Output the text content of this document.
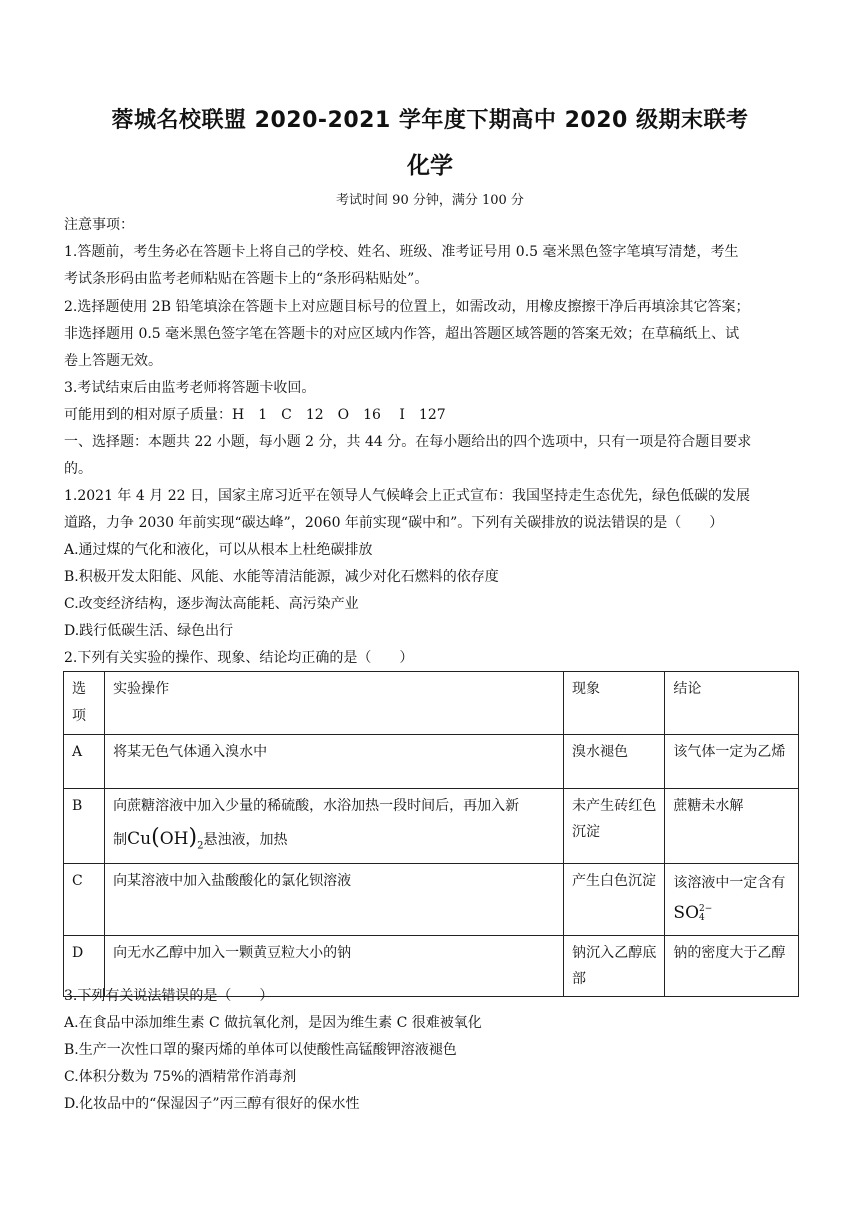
蓉城名校联盟 2020-2021 学年度下期高中 2020 级期末联考
化学
考试时间 90 分钟，满分 100 分
注意事项：
1.答题前，考生务必在答题卡上将自己的学校、姓名、班级、准考证号用 0.5 毫米黑色签字笔填写清楚，考生
考试条形码由监考老师粘贴在答题卡上的“条形码粘贴处”。
2.选择题使用 2B 铅笔填涂在答题卡上对应题目标号的位置上，如需改动，用橡皮擦擦干净后再填涂其它答案；
非选择题用 0.5 毫米黑色签字笔在答题卡的对应区域内作答，超出答题区域答题的答案无效；在草稿纸上、试
卷上答题无效。
3.考试结束后由监考老师将答题卡收回。
可能用到的相对原子质量：H　1　C　12　O　16　 I　127
一、选择题：本题共 22 小题，每小题 2 分，共 44 分。在每小题给出的四个选项中，只有一项是符合题目要求
的。
1.2021 年 4 月 22 日，国家主席习近平在领导人气候峰会上正式宣布：我国坚持走生态优先，绿色低碳的发展
道路，力争 2030 年前实现“碳达峰”，2060 年前实现“碳中和”。下列有关碳排放的说法错误的是（　　）
A.通过煤的气化和液化，可以从根本上杜绝碳排放
B.积极开发太阳能、风能、水能等清洁能源，减少对化石燃料的依存度
C.改变经济结构，逐步淘汰高能耗、高污染产业
D.践行低碳生活、绿色出行
2.下列有关实验的操作、现象、结论均正确的是（　　）
选项	实验操作	现象	结论
A	将某无色气体通入溴水中	溴水褪色	该气体一定为乙烯
B	向蔗糖溶液中加入少量的稀硫酸，水浴加热一段时间后，再加入新
制$Cu(OH)_2$悬浊液，加热	未产生砖红色沉淀	蔗糖未水解
C	向某溶液中加入盐酸酸化的氯化钡溶液	产生白色沉淀	该溶液中一定含有SO 2−
4

D	向无水乙醇中加入一颗黄豆粒大小的钠	钠沉入乙醇底部	钠的密度大于乙醇
3.下列有关说法错误的是（　　）
A.在食品中添加维生素 C 做抗氧化剂，是因为维生素 C 很难被氧化
B.生产一次性口罩的聚丙烯的单体可以使酸性高锰酸钾溶液褪色
C.体积分数为 75%的酒精常作消毒剂
D.化妆品中的“保湿因子”丙三醇有很好的保水性
